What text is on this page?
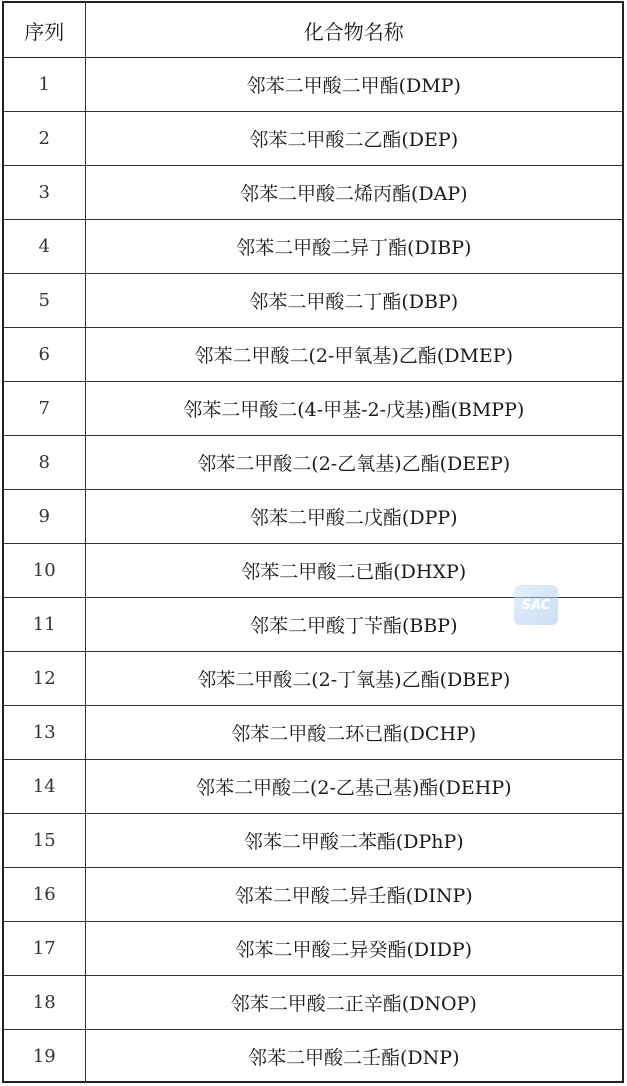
序列	化合物名称
1	邻苯二甲酸二甲酯(DMP)
2	邻苯二甲酸二乙酯(DEP)
3	邻苯二甲酸二烯丙酯(DAP)
4	邻苯二甲酸二异丁酯(DIBP)
5	邻苯二甲酸二丁酯(DBP)
6	邻苯二甲酸二(2-甲氧基)乙酯(DMEP)
7	邻苯二甲酸二(4-甲基-2-戊基)酯(BMPP)
8	邻苯二甲酸二(2-乙氧基)乙酯(DEEP)
9	邻苯二甲酸二戊酯(DPP)
10	邻苯二甲酸二已酯(DHXP)
11	邻苯二甲酸丁苄酯(BBP)
12	邻苯二甲酸二(2-丁氧基)乙酯(DBEP)
13	邻苯二甲酸二环已酯(DCHP)
14	邻苯二甲酸二(2-乙基己基)酯(DEHP)
15	邻苯二甲酸二苯酯(DPhP)
16	邻苯二甲酸二异壬酯(DINP)
17	邻苯二甲酸二异癸酯(DIDP)
18	邻苯二甲酸二正辛酯(DNOP)
19	邻苯二甲酸二壬酯(DNP)
SAC
